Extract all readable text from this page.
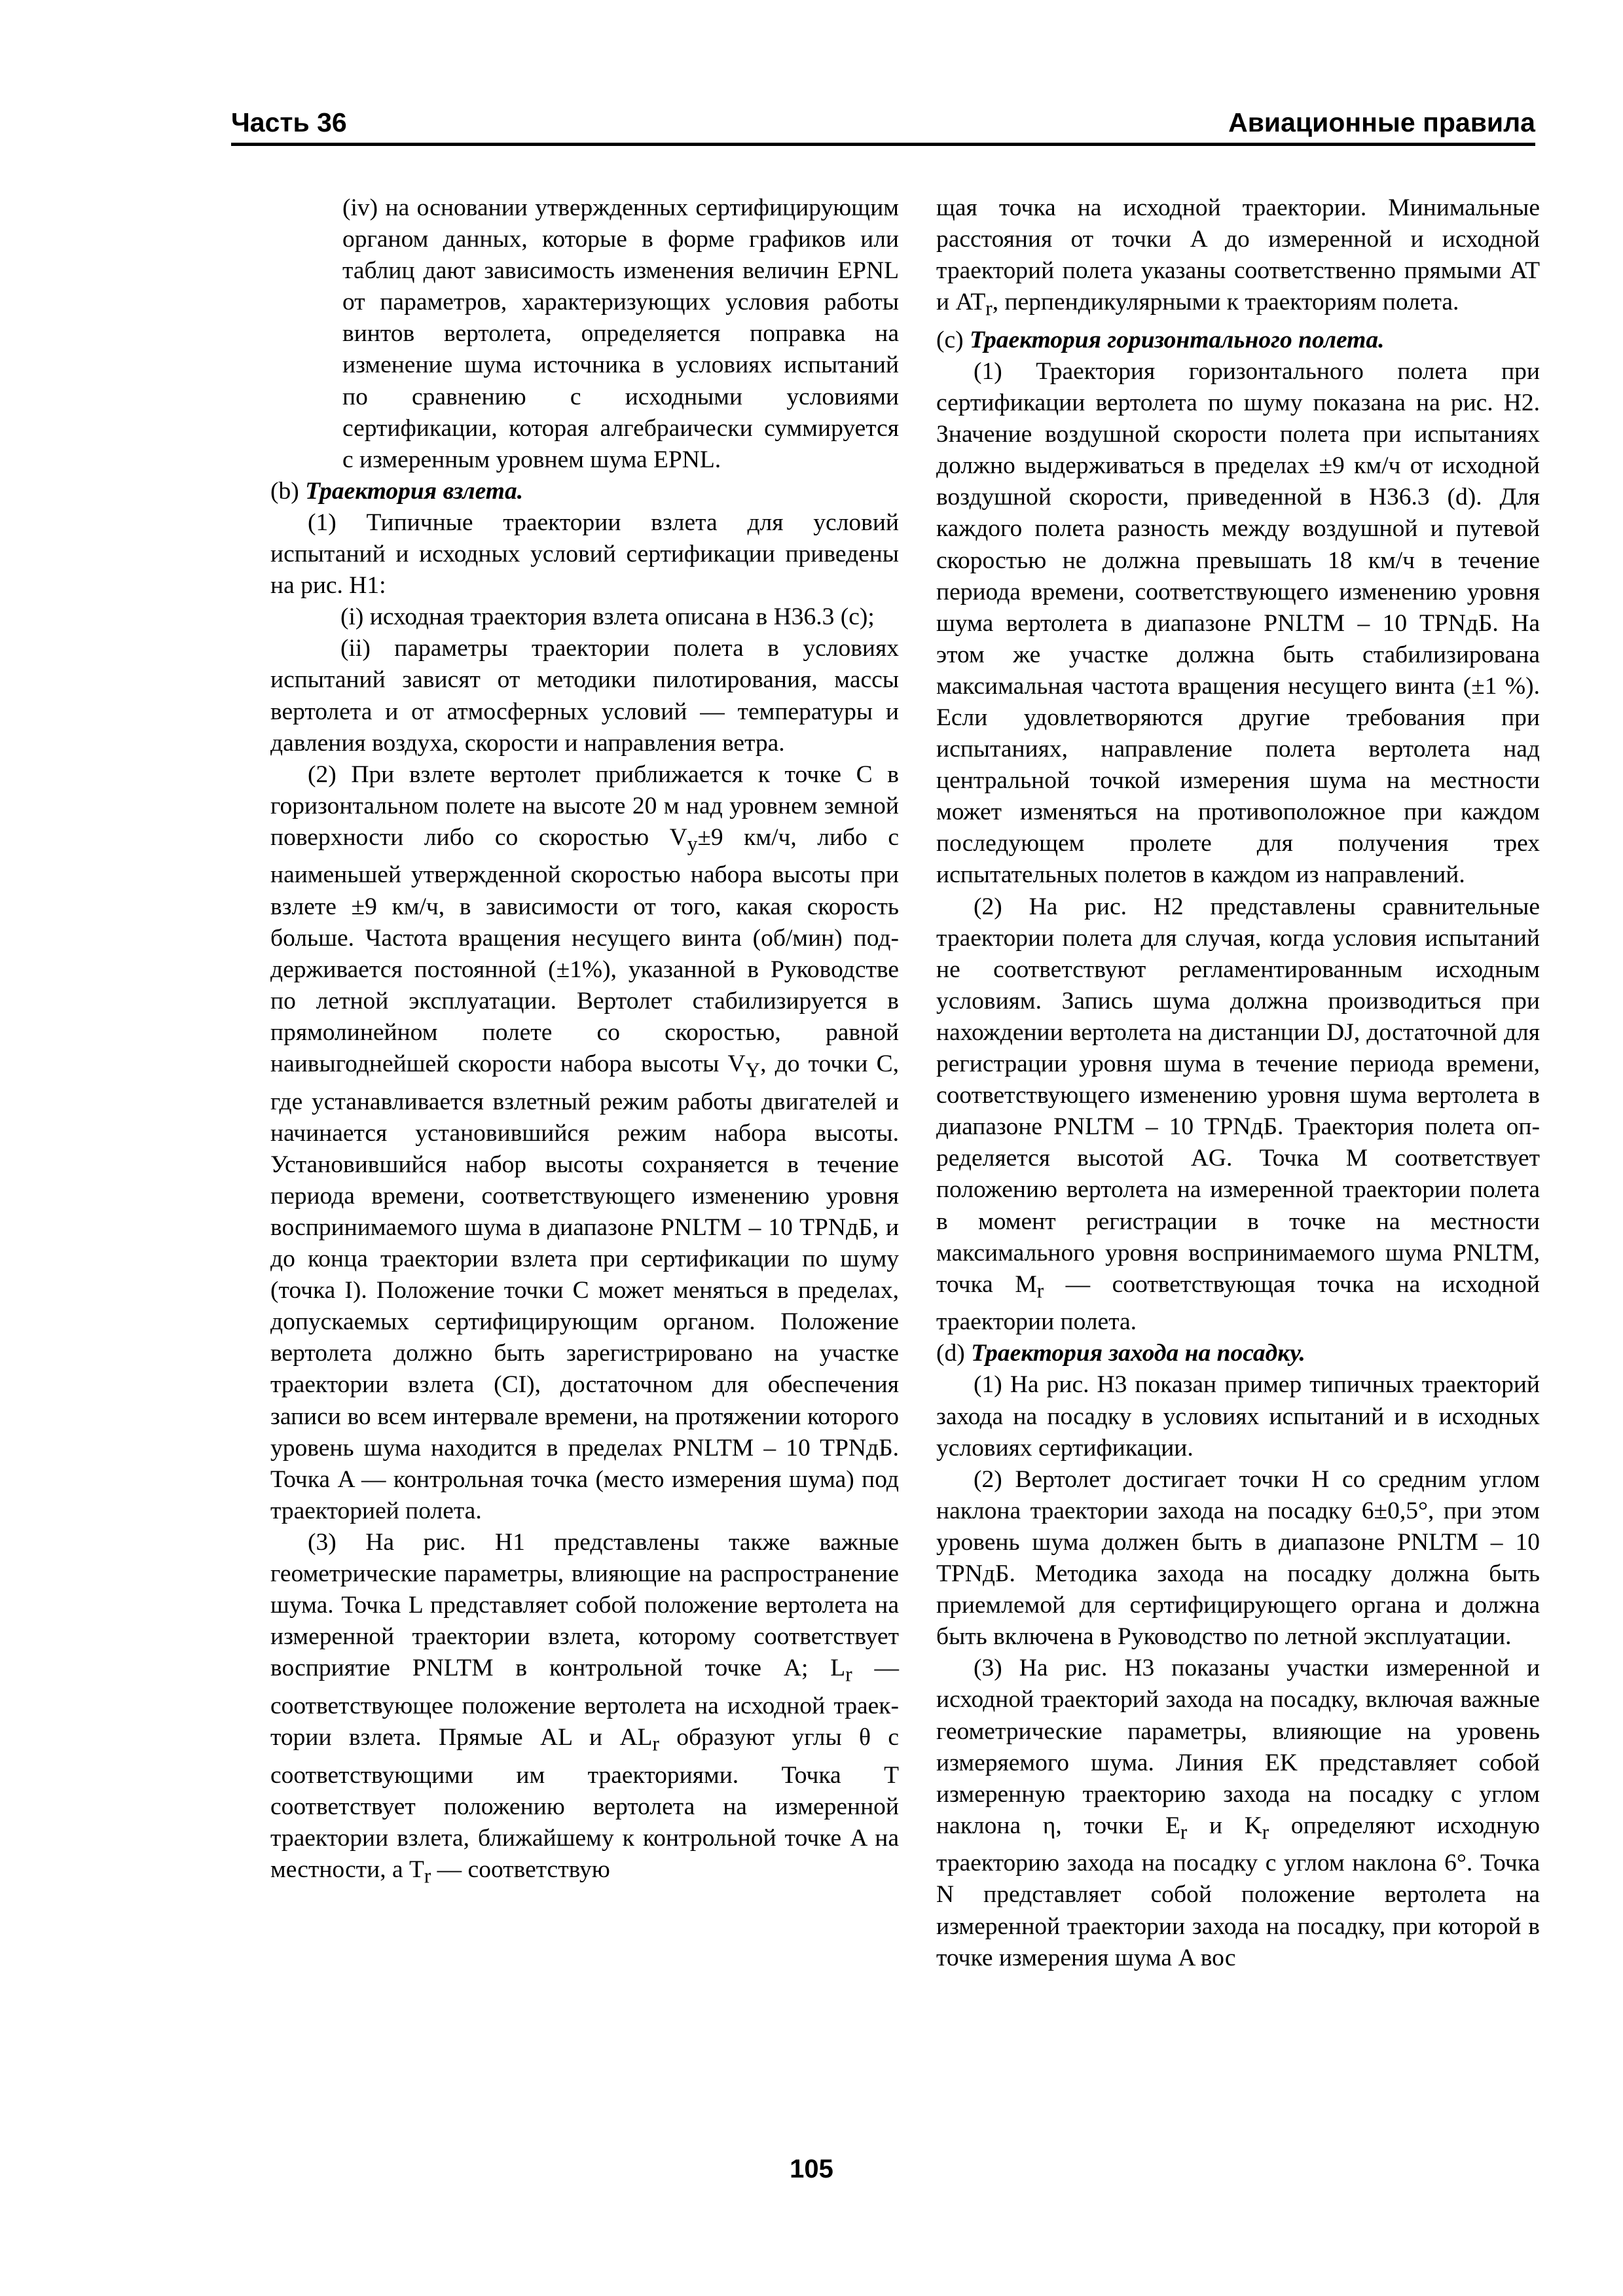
Часть 36	Авиационные правила

(iv) на основании утвержденных сертифицирующим органом данных, которые в форме графиков или таблиц дают зависимость изменения величин EPNL от параметров, характеризующих условия работы винтов вертолета, определяется поправка на изменение шума источника в условиях испытаний по сравнению с исходными условиями сертификации, которая алгебраически суммируется с измеренным уровнем шума EPNL.

(b) Траектория взлета.

(1) Типичные траектории взлета для условий испытаний и исходных условий сертификации приведены на рис. H1:

(i) исходная траектория взлета описана в H36.3 (c);

(ii) параметры траектории полета в условиях испытаний зависят от методики пилотирования, массы вертолета и от атмосферных условий — температуры и давления воздуха, скорости и направления ветра.

(2) При взлете вертолет приближается к точке C в горизонтальном полете на высоте 20 м над уровнем земной поверхности либо со скоростью $V_y\pm 9$ км/ч, либо с наименьшей утвержденной скоростью набора высоты при взлете ±9 км/ч, в зависимости от того, какая скорость больше. Частота вращения несущего винта (об/мин) поддерживается постоянной (±1%), указанной в Руководстве по летной эксплуатации. Вертолет стабилизируется в прямолинейном полете со скоростью, равной наивыгоднейшей скорости набора высоты $V_Y$, до точки C, где устанавливается взлетный режим работы двигателей и начинается установившийся режим набора высоты. Установившийся набор высоты сохраняется в течение периода времени, соответствующего изменению уровня воспринимаемого шума в диапазоне PNLTM – 10 TPNдБ, и до конца траектории взлета при сертификации по шуму (точка I). Положение точки C может меняться в пределах, допускаемых сертифицирующим органом. Положение вертолета должно быть зарегистрировано на участке траектории взлета (CI), достаточном для обеспечения записи во всем интервале времени, на протяжении которого уровень шума находится в пределах PNLTM – 10 TPNдБ. Точка A — контрольная точка (место измерения шума) под траекторией полета.

(3) На рис. H1 представлены также важные геометрические параметры, влияющие на распространение шума. Точка L представляет собой положение вертолета на измеренной траектории взлета, которому соответствует восприятие PNLTM в контрольной точке A; $L_r$ — соответствующее положение вертолета на исходной траектории взлета. Прямые AL и $AL_r$ образуют углы θ с соответствующими им траекториями. Точка T соответствует положению вертолета на измеренной траектории взлета, ближайшему к контрольной точке A на местности, а $T_r$ — соответствую

щая точка на исходной траектории. Минимальные расстояния от точки A до измеренной и исходной траекторий полета указаны соответственно прямыми AT и $AT_r$, перпендикулярными к траекториям полета.

(c) Траектория горизонтального полета.

(1) Траектория горизонтального полета при сертификации вертолета по шуму показана на рис. H2. Значение воздушной скорости полета при испытаниях должно выдерживаться в пределах ±9 км/ч от исходной воздушной скорости, приведенной в H36.3 (d). Для каждого полета разность между воздушной и путевой скоростью не должна превышать 18 км/ч в течение периода времени, соответствующего изменению уровня шума вертолета в диапазоне PNLTM – 10 TPNдБ. На этом же участке должна быть стабилизирована максимальная частота вращения несущего винта (±1 %). Если удовлетворяются другие требования при испытаниях, направление полета вертолета над центральной точкой измерения шума на местности может изменяться на противоположное при каждом последующем пролете для получения трех испытательных полетов в каждом из направлений.

(2) На рис. H2 представлены сравнительные траектории полета для случая, когда условия испытаний не соответствуют регламентированным исходным условиям. Запись шума должна производиться при нахождении вертолета на дистанции DJ, достаточной для регистрации уровня шума в течение периода времени, соответствующего изменению уровня шума вертолета в диапазоне PNLTM – 10 TPNдБ. Траектория полета определяется высотой AG. Точка M соответствует положению вертолета на измеренной траектории полета в момент регистрации в точке на местности максимального уровня воспринимаемого шума PNLTM, точка $M_r$ — соответствующая точка на исходной траектории полета.

(d) Траектория захода на посадку.

(1) На рис. H3 показан пример типичных траекторий захода на посадку в условиях испытаний и в исходных условиях сертификации.

(2) Вертолет достигает точки H со средним углом наклона траектории захода на посадку 6±0,5°, при этом уровень шума должен быть в диапазоне PNLTM – 10 TPNдБ. Методика захода на посадку должна быть приемлемой для сертифицирующего органа и должна быть включена в Руководство по летной эксплуатации.

(3) На рис. H3 показаны участки измеренной и исходной траекторий захода на посадку, включая важные геометрические параметры, влияющие на уровень измеряемого шума. Линия EK представляет собой измеренную траекторию захода на посадку с углом наклона η, точки $E_r$ и $K_r$ определяют исходную траекторию захода на посадку с углом наклона 6°. Точка N представляет собой положение вертолета на измеренной траектории захода на посадку, при которой в точке измерения шума A вос

105
